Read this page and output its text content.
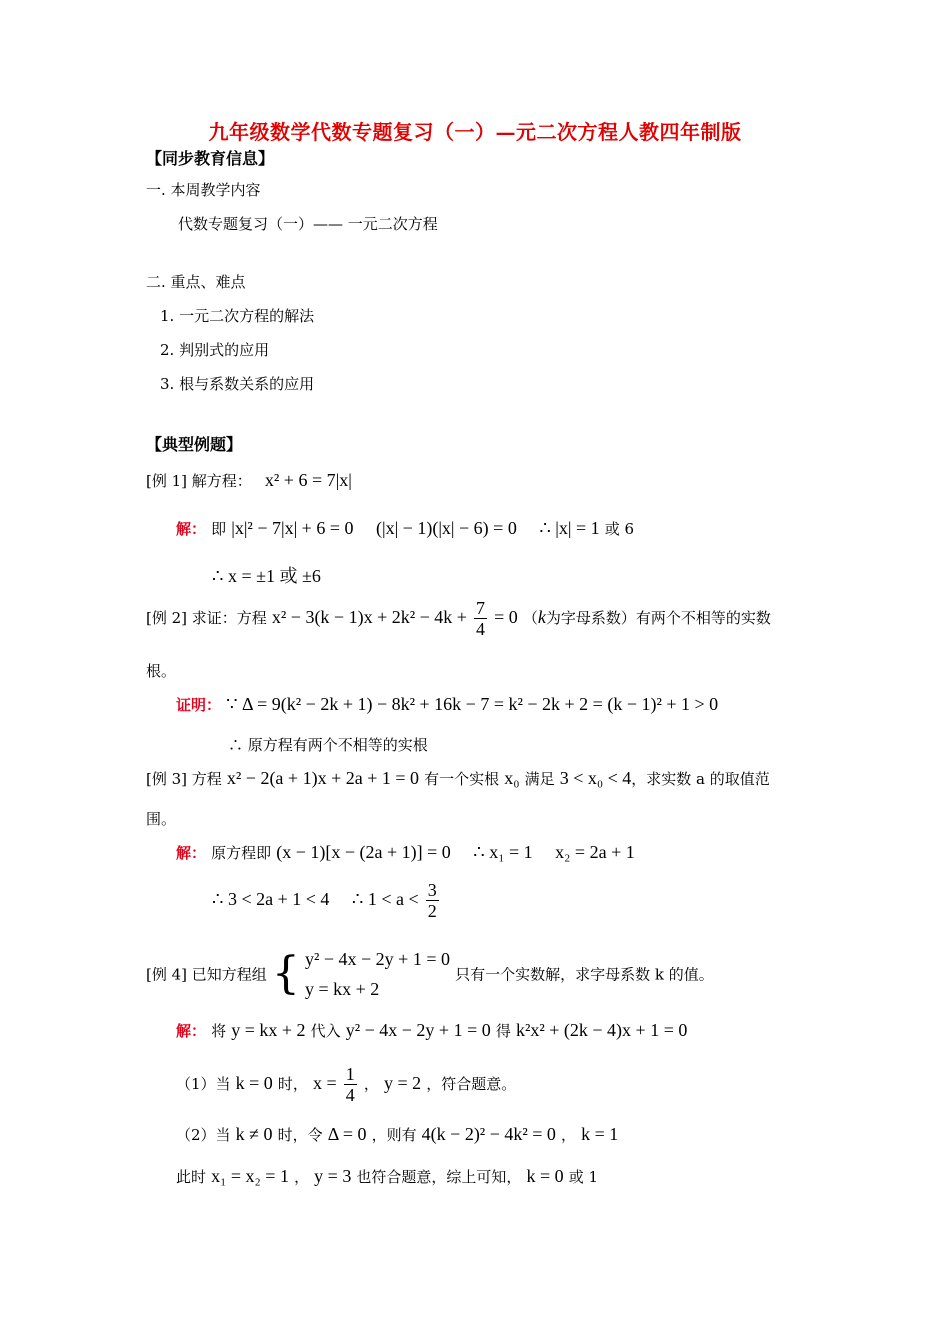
九年级数学代数专题复习（一）—元二次方程人教四年制版
【同步教育信息】
一. 本周教学内容
代数专题复习（一）—— 一元二次方程
二. 重点、难点
1. 一元二次方程的解法
2. 判别式的应用
3. 根与系数关系的应用
【典型例题】
[例 1] 解方程： x² + 6 = 7|x|
解： 即 |x|² − 7|x| + 6 = 0     (|x| − 1)(|x| − 6) = 0     ∴ |x| = 1 或 6
∴ x = ±1 或 ±6
[例 2] 求证：方程 $x^2 - 3(k - 1)x + 2k^2 - 4k + \frac{7}{4} = 0$ （k为字母系数）有两个不相等的实数
根。
证明： ∵ Δ = 9(k² − 2k + 1) − 8k² + 16k − 7 = k² − 2k + 2 = (k − 1)² + 1 > 0
∴ 原方程有两个不相等的实根
[例 3] 方程 x² − 2(a + 1)x + 2a + 1 = 0 有一个实根 x₀ 满足 3 < x₀ < 4，求实数 a 的取值范
围。
解： 原方程即 (x − 1)[x − (2a + 1)] = 0     ∴ x₁ = 1     x₂ = 2a + 1
∴ 3 < 2a + 1 < 4     ∴ $1 < a < \frac{3}{2}$
[例 4] 已知方程组 { y² − 4x − 2y + 1 = 0
y = kx + 2
只有一个实数解，求字母系数 k 的值。
解： 将 y = kx + 2 代入 y² − 4x − 2y + 1 = 0 得 k²x² + (2k − 4)x + 1 = 0
（1）当 k = 0 时， $x = \frac{1}{4}$ ， y = 2 ，符合题意。
（2）当 k ≠ 0 时，令 Δ = 0 ，则有 4(k − 2)² − 4k² = 0 ， k = 1
此时 x₁ = x₂ = 1 ， y = 3 也符合题意，综上可知， k = 0 或 1
